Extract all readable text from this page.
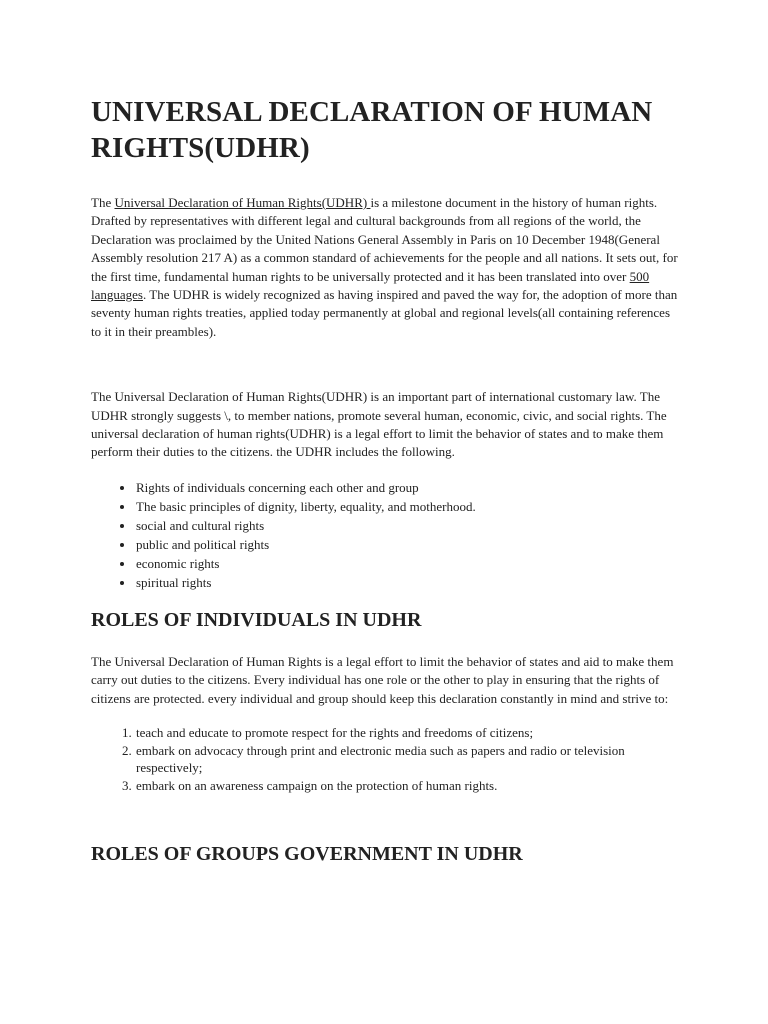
UNIVERSAL DECLARATION OF HUMAN RIGHTS(UDHR)

The Universal Declaration of Human Rights(UDHR) is a milestone document in the history of human rights. Drafted by representatives with different legal and cultural backgrounds from all regions of the world, the Declaration was proclaimed by the United Nations General Assembly in Paris on 10 December 1948(General Assembly resolution 217 A) as a common standard of achievements for the people and all nations. It sets out, for the first time, fundamental human rights to be universally protected and it has been translated into over 500 languages. The UDHR is widely recognized as having inspired and paved the way for, the adoption of more than seventy human rights treaties, applied today permanently at global and regional levels(all containing references to it in their preambles).

The Universal Declaration of Human Rights(UDHR) is an important part of international customary law. The UDHR strongly suggests \, to member nations, promote several human, economic, civic, and social rights. The universal declaration of human rights(UDHR) is a legal effort to limit the behavior of states and to make them perform their duties to the citizens. the UDHR includes the following.

• Rights of individuals concerning each other and group
• The basic principles of dignity, liberty, equality, and motherhood.
• social and cultural rights
• public and political rights
• economic rights
• spiritual rights
ROLES OF INDIVIDUALS IN UDHR

The Universal Declaration of Human Rights is a legal effort to limit the behavior of states and aid to make them carry out duties to the citizens. Every individual has one role or the other to play in ensuring that the rights of citizens are protected. every individual and group should keep this declaration constantly in mind and strive to:

1. teach and educate to promote respect for the rights and freedoms of citizens;
2. embark on advocacy through print and electronic media such as papers and radio or television respectively;
3. embark on an awareness campaign on the protection of human rights.
ROLES OF GROUPS GOVERNMENT IN UDHR
